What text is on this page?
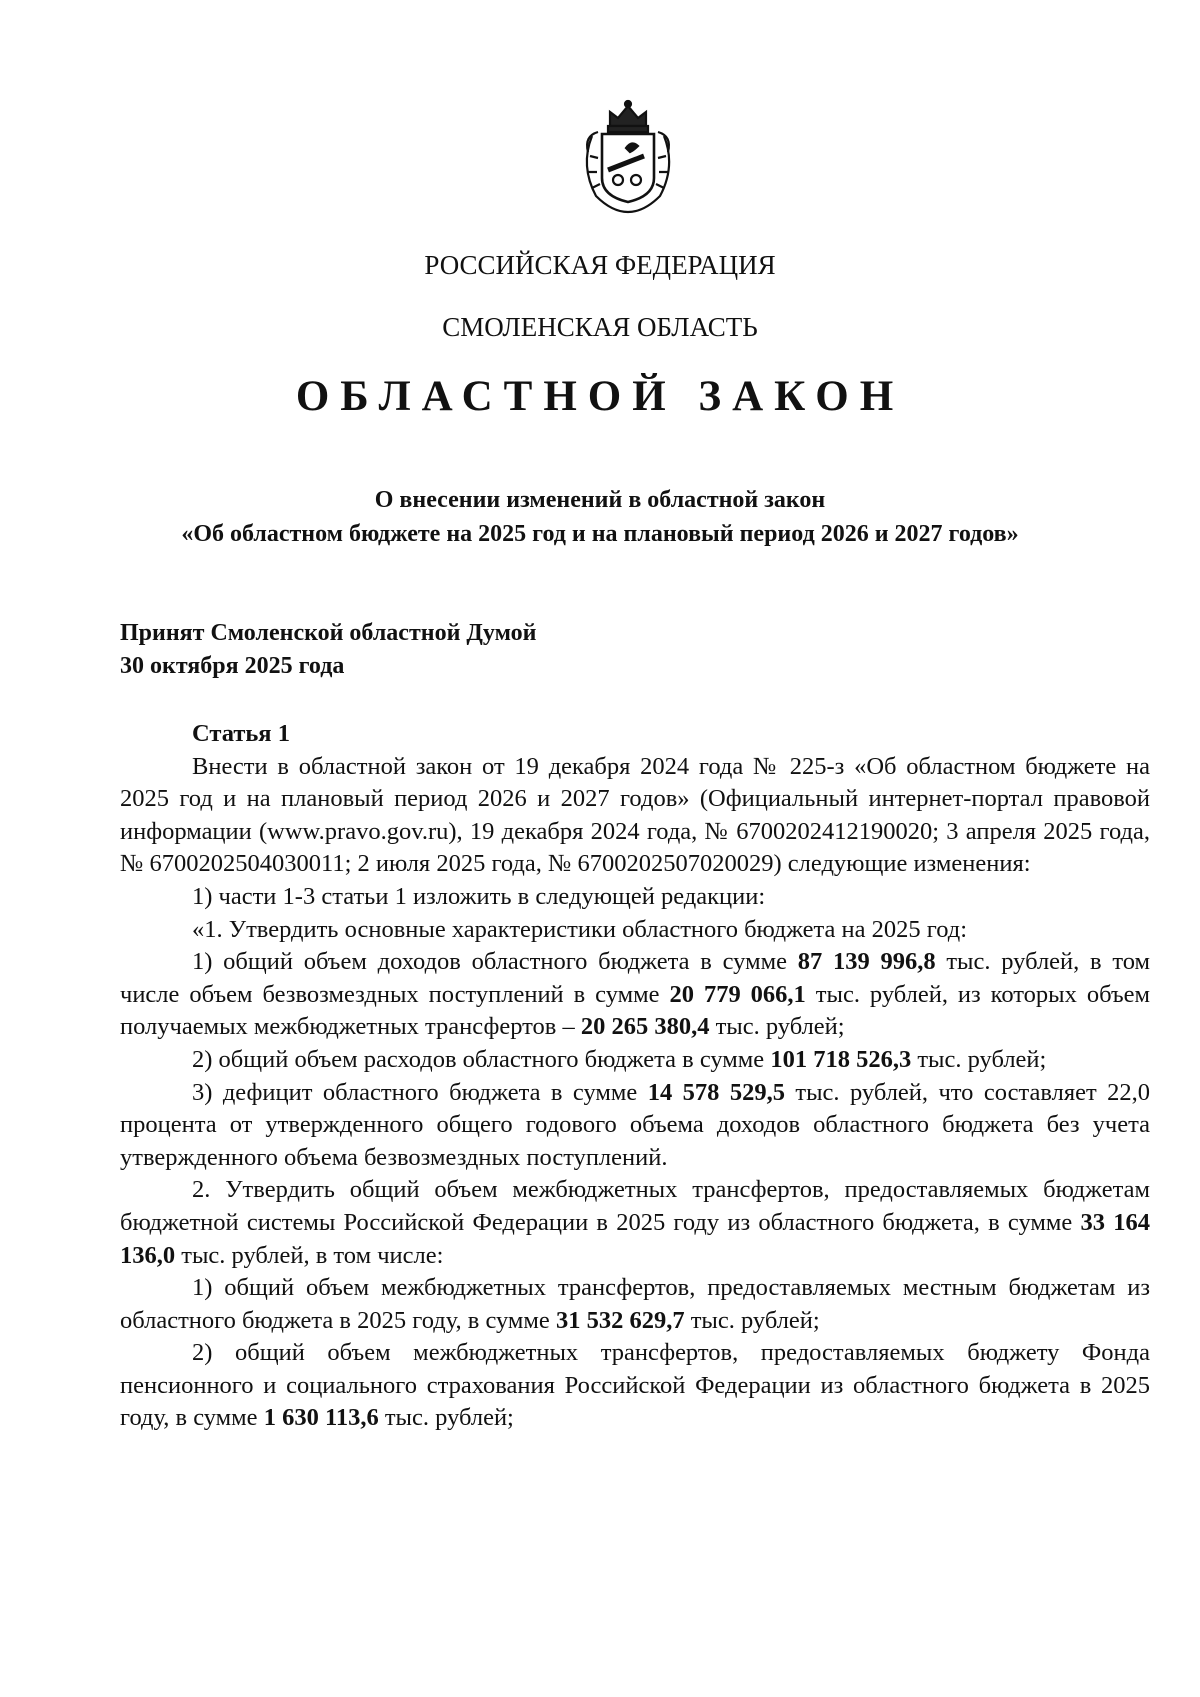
РОССИЙСКАЯ ФЕДЕРАЦИЯ
СМОЛЕНСКАЯ ОБЛАСТЬ
ОБЛАСТНОЙ ЗАКОН
О внесении изменений в областной закон
«Об областном бюджете на 2025 год и на плановый период 2026 и 2027 годов»
Принят Смоленской областной Думой
30 октября 2025 года

Статья 1

Внести в областной закон от 19 декабря 2024 года № 225-з «Об областном бюджете на 2025 год и на плановый период 2026 и 2027 годов» (Официальный интернет-портал правовой информации (www.pravo.gov.ru), 19 декабря 2024 года, № 6700202412190020; 3 апреля 2025 года, № 6700202504030011; 2 июля 2025 года, № 6700202507020029) следующие изменения:

1) части 1-3 статьи 1 изложить в следующей редакции:

«1. Утвердить основные характеристики областного бюджета на 2025 год:

1) общий объем доходов областного бюджета в сумме 87 139 996,8 тыс. рублей, в том числе объем безвозмездных поступлений в сумме 20 779 066,1 тыс. рублей, из которых объем получаемых межбюджетных трансфертов – 20 265 380,4 тыс. рублей;

2) общий объем расходов областного бюджета в сумме 101 718 526,3 тыс. рублей;

3) дефицит областного бюджета в сумме 14 578 529,5 тыс. рублей, что составляет 22,0 процента от утвержденного общего годового объема доходов областного бюджета без учета утвержденного объема безвозмездных поступлений.

2. Утвердить общий объем межбюджетных трансфертов, предоставляемых бюджетам бюджетной системы Российской Федерации в 2025 году из областного бюджета, в сумме 33 164 136,0 тыс. рублей, в том числе:

1) общий объем межбюджетных трансфертов, предоставляемых местным бюджетам из областного бюджета в 2025 году, в сумме 31 532 629,7 тыс. рублей;

2) общий объем межбюджетных трансфертов, предоставляемых бюджету Фонда пенсионного и социального страхования Российской Федерации из областного бюджета в 2025 году, в сумме 1 630 113,6 тыс. рублей;
